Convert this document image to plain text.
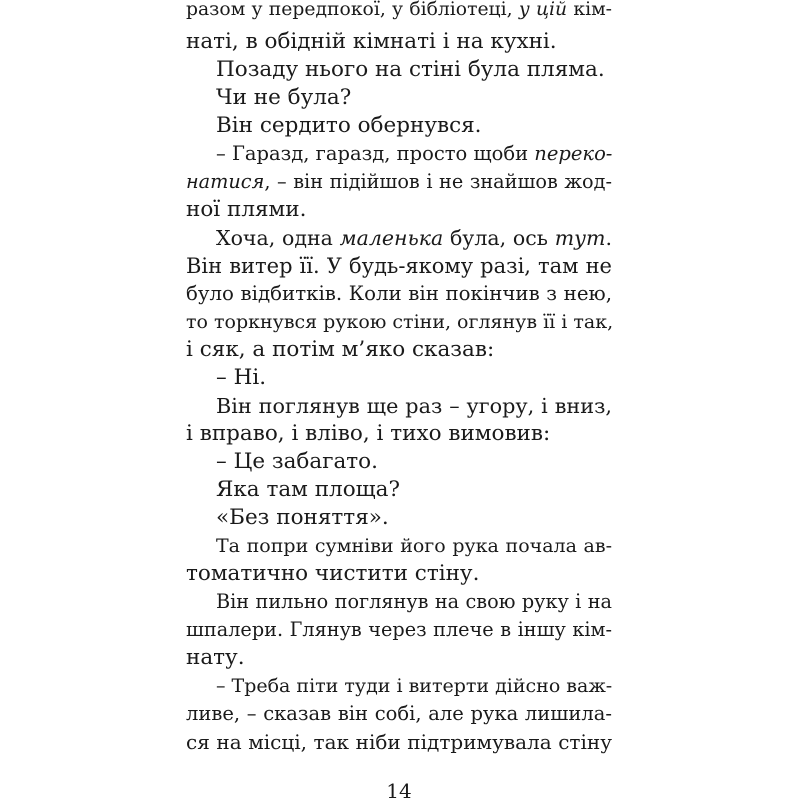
разом у передпокої, у бібліотеці, у цій кім-
наті, в обідній кімнаті і на кухні.
Позаду нього на стіні була пляма.
Чи не була?
Він сердито обернувся.
– Гаразд, гаразд, просто щоби переко-
натися, – він підійшов і не знайшов жод-
ної плями.
Хоча, одна маленька була, ось тут.
Він витер її. У будь-якому разі, там не
було відбитків. Коли він покінчив з нею,
то торкнувся рукою стіни, оглянув її і так,
і сяк, а потім м’яко сказав:
– Ні.
Він поглянув ще раз – угору, і вниз,
і вправо, і вліво, і тихо вимовив:
– Це забагато.
Яка там площа?
«Без поняття».
Та попри сумніви його рука почала ав-
томатично чистити стіну.
Він пильно поглянув на свою руку і на
шпалери. Глянув через плече в іншу кім-
нату.
– Треба піти туди і витерти дійсно важ-
ливе, – сказав він собі, але рука лишила-
ся на місці, так ніби підтримувала стіну
14
